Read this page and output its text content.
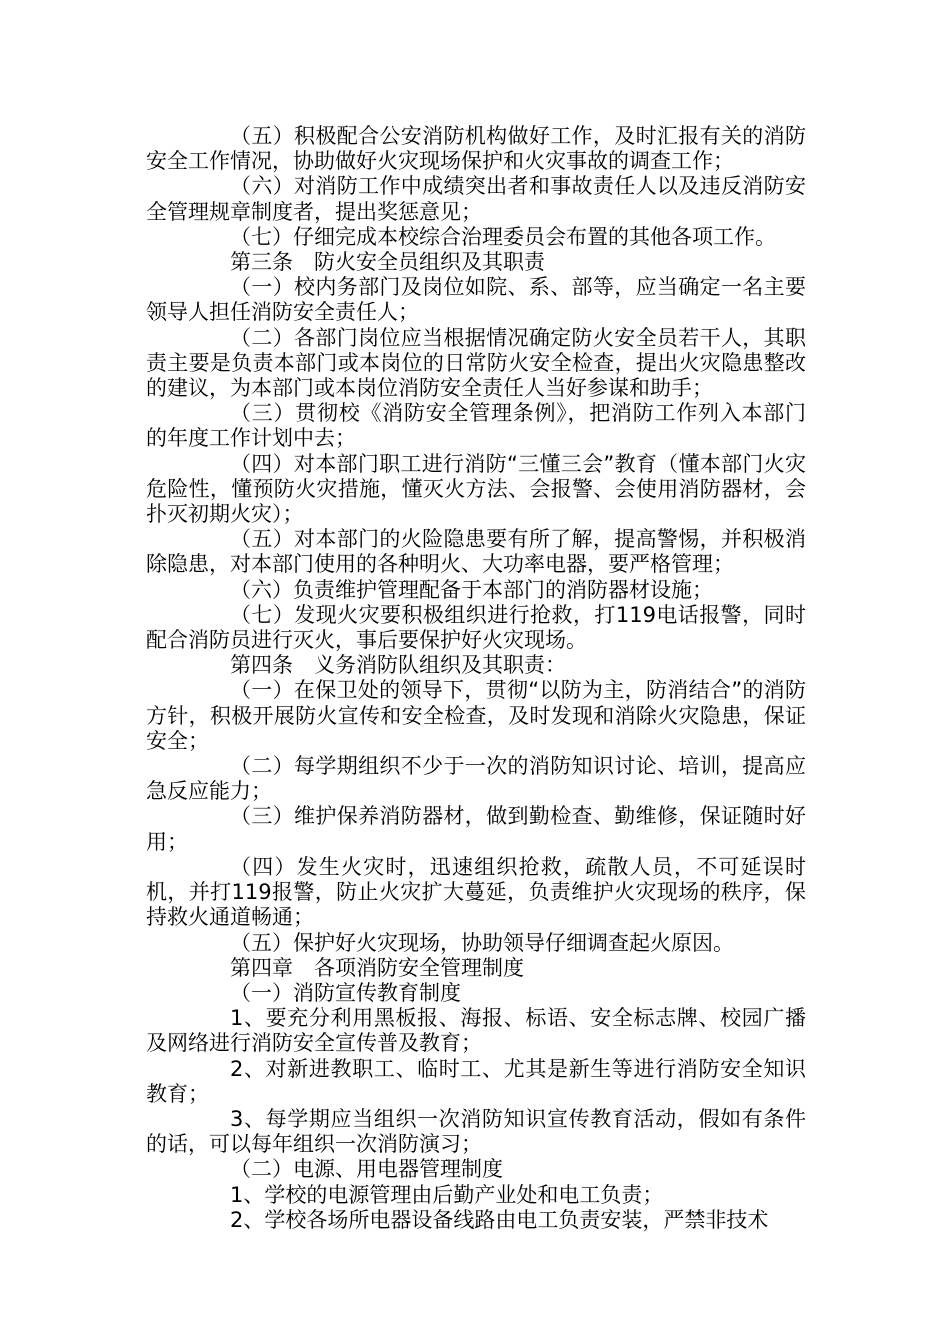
（五）积极配合公安消防机构做好工作，及时汇报有关的消防安全工作情况，协助做好火灾现场保护和火灾事故的调查工作；

（六）对消防工作中成绩突出者和事故责任人以及违反消防安全管理规章制度者，提出奖惩意见；

（七）仔细完成本校综合治理委员会布置的其他各项工作。

第三条　防火安全员组织及其职责

（一）校内务部门及岗位如院、系、部等，应当确定一名主要领导人担任消防安全责任人；

（二）各部门岗位应当根据情况确定防火安全员若干人，其职责主要是负责本部门或本岗位的日常防火安全检查，提出火灾隐患整改的建议，为本部门或本岗位消防安全责任人当好参谋和助手；

（三）贯彻校《消防安全管理条例》，把消防工作列入本部门的年度工作计划中去；

（四）对本部门职工进行消防“三懂三会”教育（懂本部门火灾危险性，懂预防火灾措施，懂灭火方法、会报警、会使用消防器材，会扑灭初期火灾）；

（五）对本部门的火险隐患要有所了解，提高警惕，并积极消除隐患，对本部门使用的各种明火、大功率电器，要严格管理；

（六）负责维护管理配备于本部门的消防器材设施；

（七）发现火灾要积极组织进行抢救，打119电话报警，同时配合消防员进行灭火，事后要保护好火灾现场。

第四条　义务消防队组织及其职责：

（一）在保卫处的领导下，贯彻“以防为主，防消结合”的消防方针，积极开展防火宣传和安全检查，及时发现和消除火灾隐患，保证安全；

（二）每学期组织不少于一次的消防知识讨论、培训，提高应急反应能力；

（三）维护保养消防器材，做到勤检查、勤维修，保证随时好用；

（四）发生火灾时，迅速组织抢救，疏散人员，不可延误时机，并打119报警，防止火灾扩大蔓延，负责维护火灾现场的秩序，保持救火通道畅通；

（五）保护好火灾现场，协助领导仔细调查起火原因。

第四章　各项消防安全管理制度

（一）消防宣传教育制度

1、要充分利用黑板报、海报、标语、安全标志牌、校园广播及网络进行消防安全宣传普及教育；

2、对新进教职工、临时工、尤其是新生等进行消防安全知识教育；

3、每学期应当组织一次消防知识宣传教育活动，假如有条件的话，可以每年组织一次消防演习；

（二）电源、用电器管理制度

1、学校的电源管理由后勤产业处和电工负责；

2、学校各场所电器设备线路由电工负责安装，严禁非技术
